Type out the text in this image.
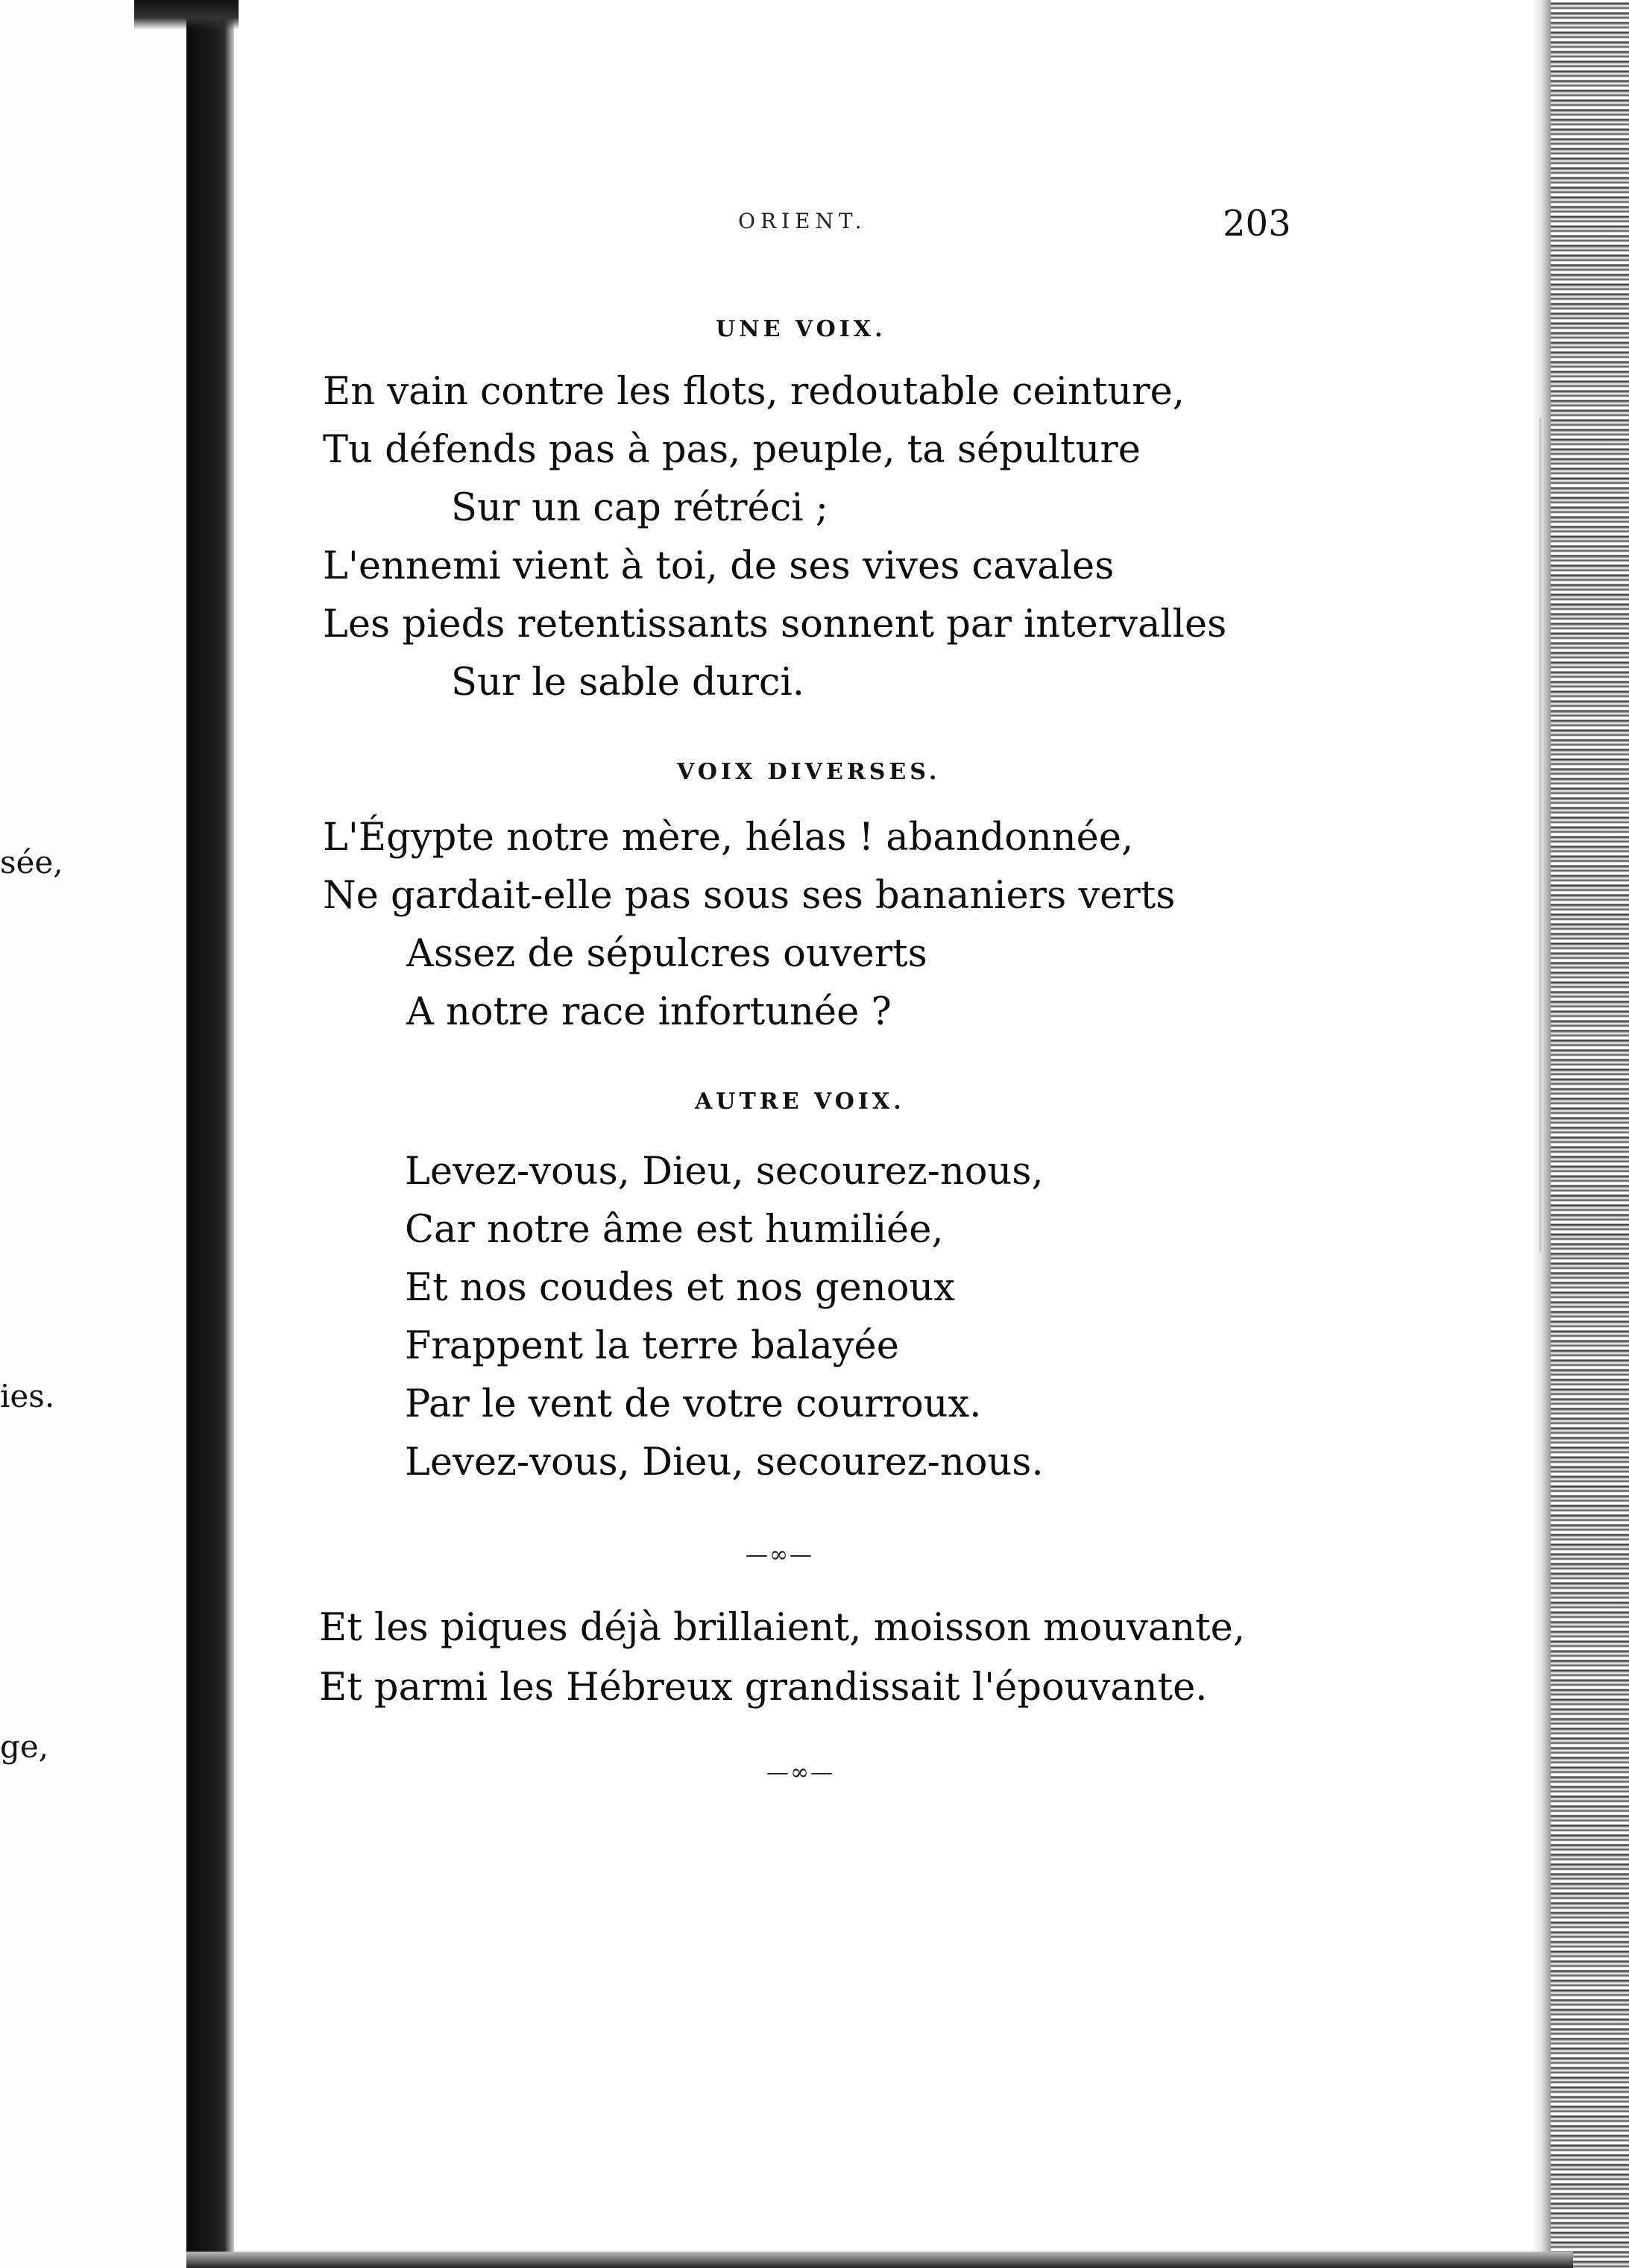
sée,
ies.
ge,
ORIENT.	203
UNE VOIX.
En vain contre les flots, redoutable ceinture,
Tu défends pas à pas, peuple, ta sépulture
Sur un cap rétréci ;
L'ennemi vient à toi, de ses vives cavales
Les pieds retentissants sonnent par intervalles
Sur le sable durci.
VOIX DIVERSES.
L'Égypte notre mère, hélas ! abandonnée,
Ne gardait-elle pas sous ses bananiers verts
Assez de sépulcres ouverts
A notre race infortunée ?
AUTRE VOIX.
Levez-vous, Dieu, secourez-nous,
Car notre âme est humiliée,
Et nos coudes et nos genoux
Frappent la terre balayée
Par le vent de votre courroux.
Levez-vous, Dieu, secourez-nous.
—∞—
Et les piques déjà brillaient, moisson mouvante,
Et parmi les Hébreux grandissait l'épouvante.
—∞—
